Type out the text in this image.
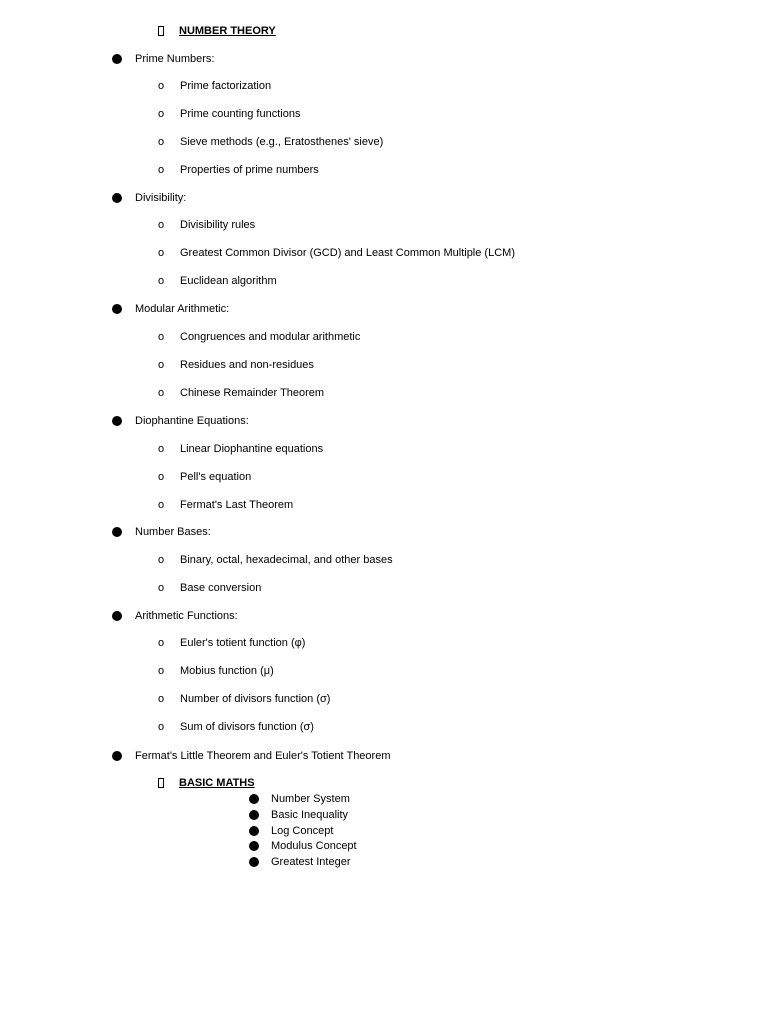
NUMBER THEORY
Prime Numbers:
o	Prime factorization
o	Prime counting functions
o	Sieve methods (e.g., Eratosthenes' sieve)
o	Properties of prime numbers
Divisibility:
o	Divisibility rules
o	Greatest Common Divisor (GCD) and Least Common Multiple (LCM)
o	Euclidean algorithm
Modular Arithmetic:
o	Congruences and modular arithmetic
o	Residues and non-residues
o	Chinese Remainder Theorem
Diophantine Equations:
o	Linear Diophantine equations
o	Pell's equation
o	Fermat's Last Theorem
Number Bases:
o	Binary, octal, hexadecimal, and other bases
o	Base conversion
Arithmetic Functions:
o	Euler's totient function (φ)
o	Mobius function (μ)
o	Number of divisors function (σ)
o	Sum of divisors function (σ)
Fermat's Little Theorem and Euler's Totient Theorem
BASIC MATHS
Number System
Basic Inequality
Log Concept
Modulus Concept
Greatest Integer
